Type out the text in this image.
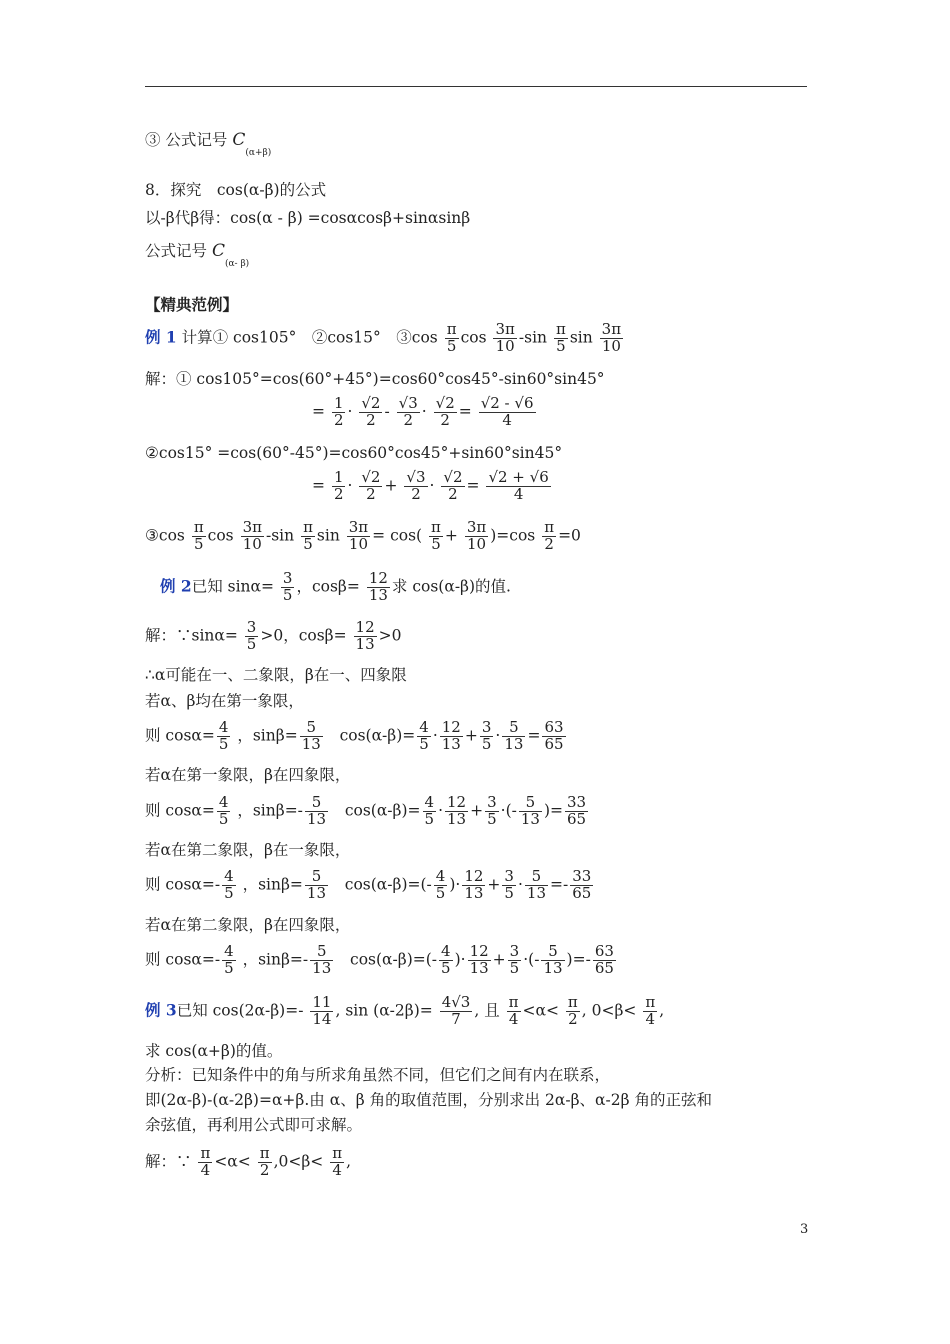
③ 公式记号 $C_{(\alpha+\beta)}$
8．探究　cos(α-β)的公式
以-β代β得：cos(α - β) =cosαcosβ+sinαsinβ
公式记号 $C_{(\alpha- \beta)}$
【精典范例】
例 1 计算① cos105°　②cos15°　③cos $\frac{\pi}{5}$ $\cos \frac{3\pi}{10} -\sin \frac{\pi}{5}$ $\sin \frac{3\pi}{10}$
解：① cos105°=cos(60°+45°)=cos60°cos45°-sin60°sin45°
= $\frac{1}{2} \cdot \frac{√2}{2} - \frac{√3}{2} \cdot \frac{√2}{2} = \frac{√2 - √6}{4}$
②cos15° =cos(60°-45°)=cos60°cos45°+sin60°sin45°
= $\frac{1}{2} \cdot \frac{√2}{2} + \frac{√3}{2} \cdot \frac{√2}{2} = \frac{√2 + √6}{4}$
③cos $\frac{\pi}{5}$ $\cos \frac{3\pi}{10} -\sin \frac{\pi}{5}$ $\sin \frac{3\pi}{10} = \cos( \frac{\pi}{5} + \frac{3\pi}{10} )=\cos \frac{\pi}{2} =0$
例 2已知 $\sin\alpha= \frac{3}{5}$ ，$\cos\beta= \frac{12}{13}$ 求 cos(α-β)的值.
解：∵sinα= $\frac{3}{5} >0$，$\cos\beta= \frac{12}{13} >0$
∴α可能在一、二象限，β在一、四象限
若α、β均在第一象限，
则 $\cos\alpha= \frac{4}{5}$ ，$\sin\beta= \frac{5}{13} \cos(\alpha-\beta)= \frac{4}{5} \cdot \frac{12}{13} + \frac{3}{5} \cdot \frac{5}{13} = \frac{63}{65}$
若α在第一象限，β在四象限，
则 $\cos\alpha= \frac{4}{5}$ ，$\sin\beta=- \frac{5}{13} \cos(\alpha-\beta)= \frac{4}{5} \cdot \frac{12}{13} + \frac{3}{5}$ ·(- $\frac{5}{13}$ )= $\frac{33}{65}$
若α在第二象限，β在一象限，
则 $\cos\alpha=- \frac{4}{5}$ ，$\sin\beta= \frac{5}{13} \cos(\alpha-\beta)=(- \frac{4}{5}$ )· $\frac{12}{13} + \frac{3}{5} \cdot \frac{5}{13} =- \frac{33}{65}$
若α在第二象限，β在四象限，
则 $\cos\alpha=- \frac{4}{5}$ ，$\sin\beta=- \frac{5}{13} \cos(\alpha-\beta)=(- \frac{4}{5}$ )· $\frac{12}{13} + \frac{3}{5}$ ·(- $\frac{5}{13}$ )=- $\frac{63}{65}$
例 3已知 $\cos(2\alpha-\beta)=- \frac{11}{14}$ , $\sin (\alpha-2\beta)= \frac{4√3}{7}$ , 且 $\frac{\pi}{4} <\alpha< \frac{\pi}{2}$ , $0<\beta< \frac{\pi}{4}$ ,
求 cos(α+β)的值。
分析：已知条件中的角与所求角虽然不同，但它们之间有内在联系，
即(2α-β)-(α-2β)=α+β.由 α、β 角的取值范围，分别求出 2α-β、α-2β 角的正弦和
余弦值，再利用公式即可求解。
解：∵ $\frac{\pi}{4} <\alpha< \frac{\pi}{2} ,0<\beta< \frac{\pi}{4}$ ,
3
